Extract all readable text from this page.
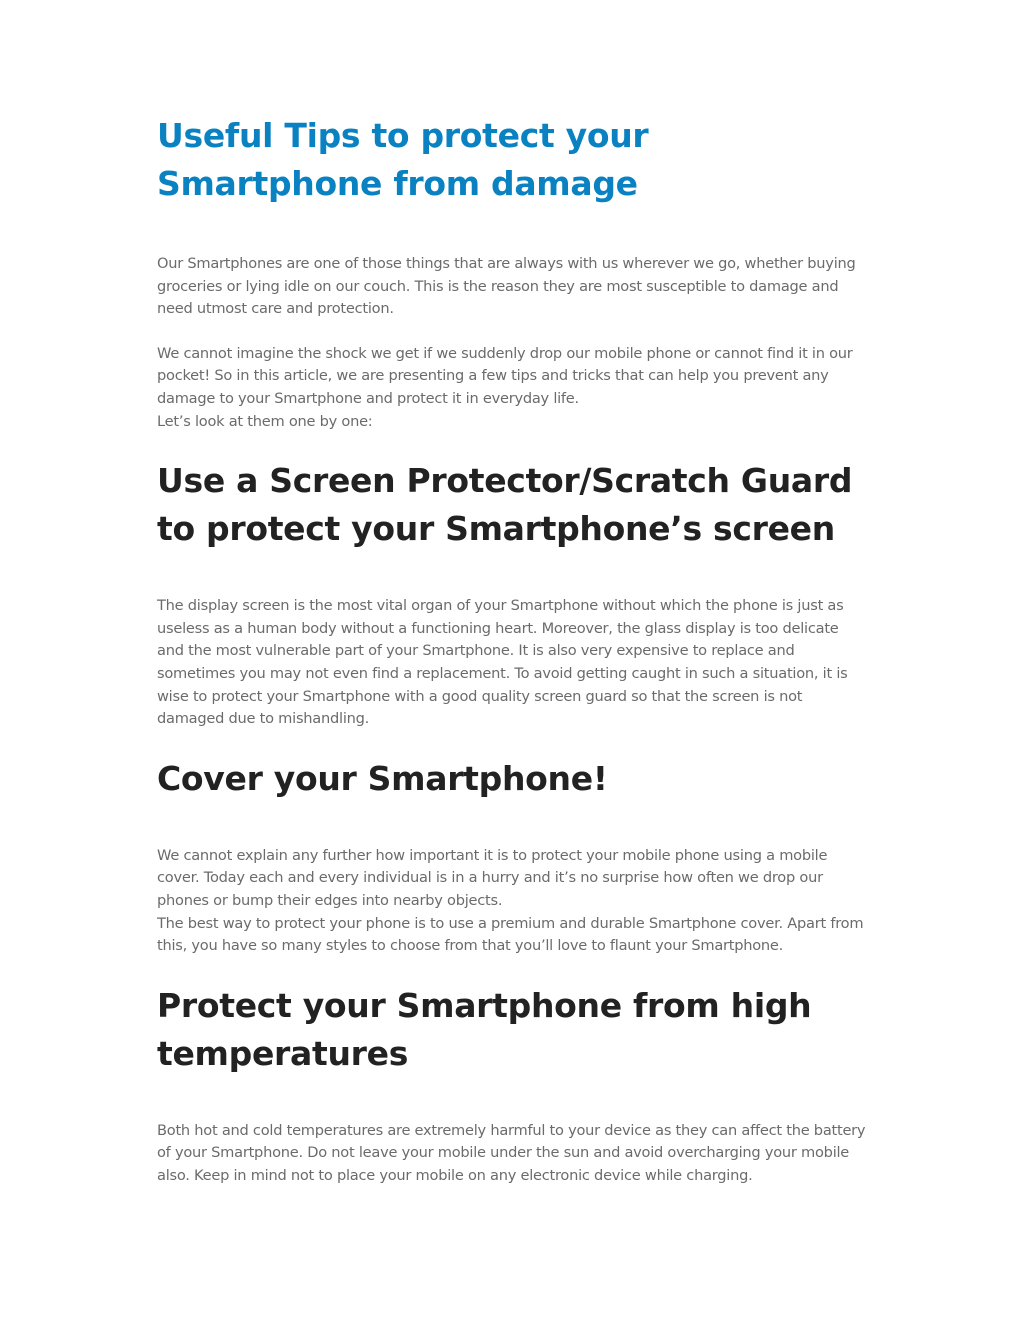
Useful Tips to protect your Smartphone from damage

Our Smartphones are one of those things that are always with us wherever we go, whether buying groceries or lying idle on our couch. This is the reason they are most susceptible to damage and need utmost care and protection.

We cannot imagine the shock we get if we suddenly drop our mobile phone or cannot find it in our pocket! So in this article, we are presenting a few tips and tricks that can help you prevent any damage to your Smartphone and protect it in everyday life.
Let’s look at them one by one:

Use a Screen Protector/Scratch Guard to protect your Smartphone’s screen

The display screen is the most vital organ of your Smartphone without which the phone is just as useless as a human body without a functioning heart. Moreover, the glass display is too delicate and the most vulnerable part of your Smartphone. It is also very expensive to replace and sometimes you may not even find a replacement. To avoid getting caught in such a situation, it is wise to protect your Smartphone with a good quality screen guard so that the screen is not damaged due to mishandling.

Cover your Smartphone!

We cannot explain any further how important it is to protect your mobile phone using a mobile cover. Today each and every individual is in a hurry and it’s no surprise how often we drop our phones or bump their edges into nearby objects.
The best way to protect your phone is to use a premium and durable Smartphone cover. Apart from this, you have so many styles to choose from that you’ll love to flaunt your Smartphone.

Protect your Smartphone from high temperatures

Both hot and cold temperatures are extremely harmful to your device as they can affect the battery of your Smartphone. Do not leave your mobile under the sun and avoid overcharging your mobile also. Keep in mind not to place your mobile on any electronic device while charging.
